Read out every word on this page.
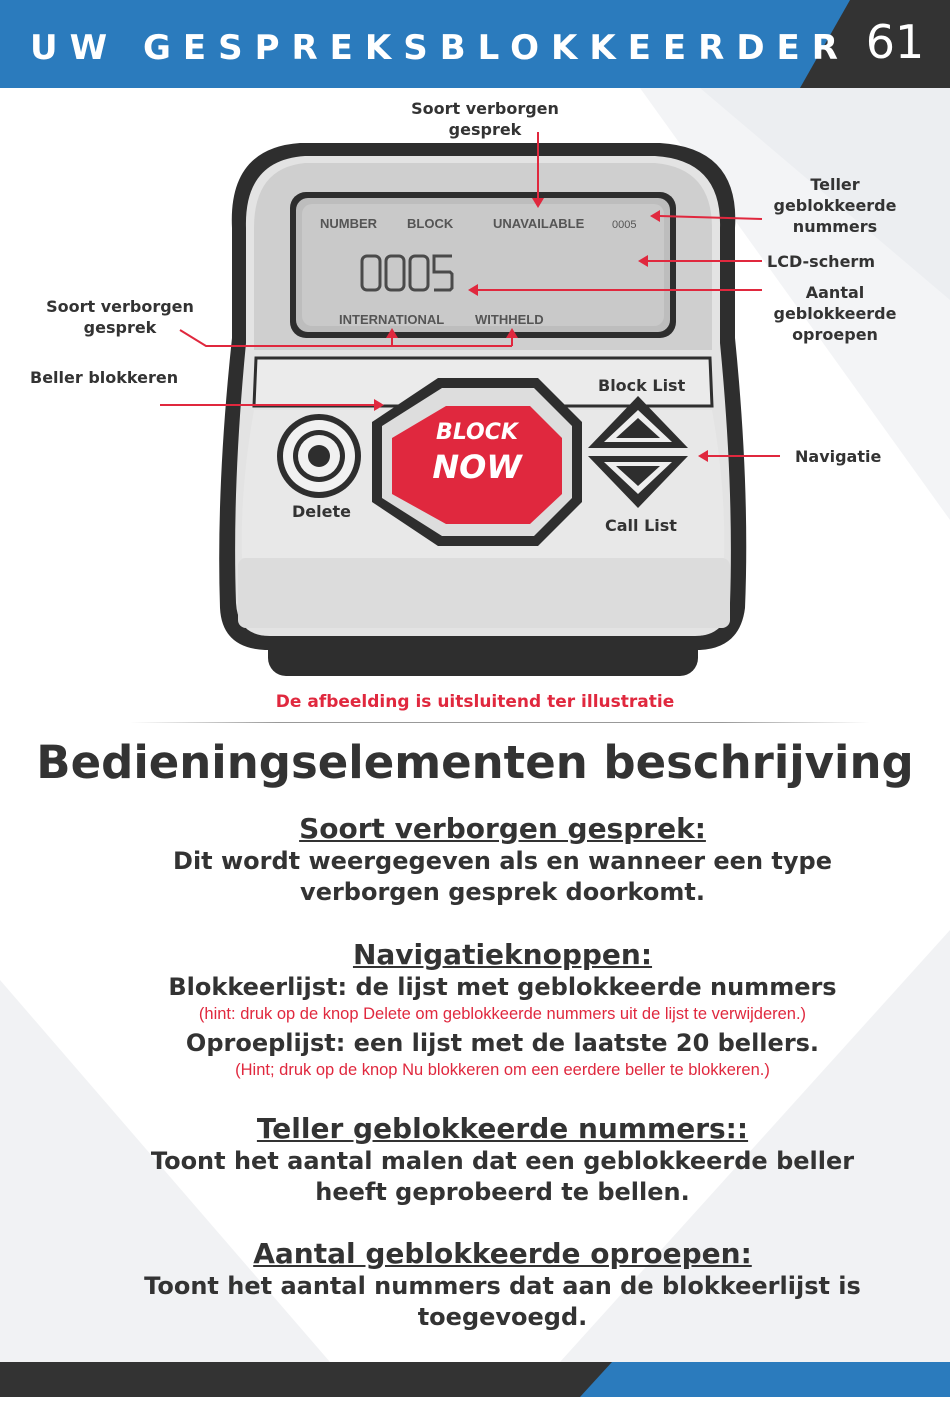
UW GESPREKSBLOKKEERDER 61
Soort verborgen
gesprek
Teller
geblokkeerde
nummers
LCD-scherm
Aantal
geblokkeerde
oproepen
Soort verborgen
gesprek
Beller blokkeren
Navigatie
NUMBER BLOCK	UNAVAILABLE	0005
INTERNATIONAL WITHHELD
BLOCK
NOW
Delete
Block List
Call List
De afbeelding is uitsluitend ter illustratie
Bedieningselementen beschrijving
Soort verborgen gesprek:

Dit wordt weergegeven als en wanneer een type

verborgen gesprek doorkomt.

Navigatieknoppen:

Blokkeerlijst: de lijst met geblokkeerde nummers

(hint: druk op de knop Delete om geblokkeerde nummers uit de lijst te verwijderen.)

Oproeplijst: een lijst met de laatste 20 bellers.

(Hint; druk op de knop Nu blokkeren om een eerdere beller te blokkeren.)

Teller geblokkeerde nummers::

Toont het aantal malen dat een geblokkeerde beller

heeft geprobeerd te bellen.

Aantal geblokkeerde oproepen:

Toont het aantal nummers dat aan de blokkeerlijst is

toegevoegd.
